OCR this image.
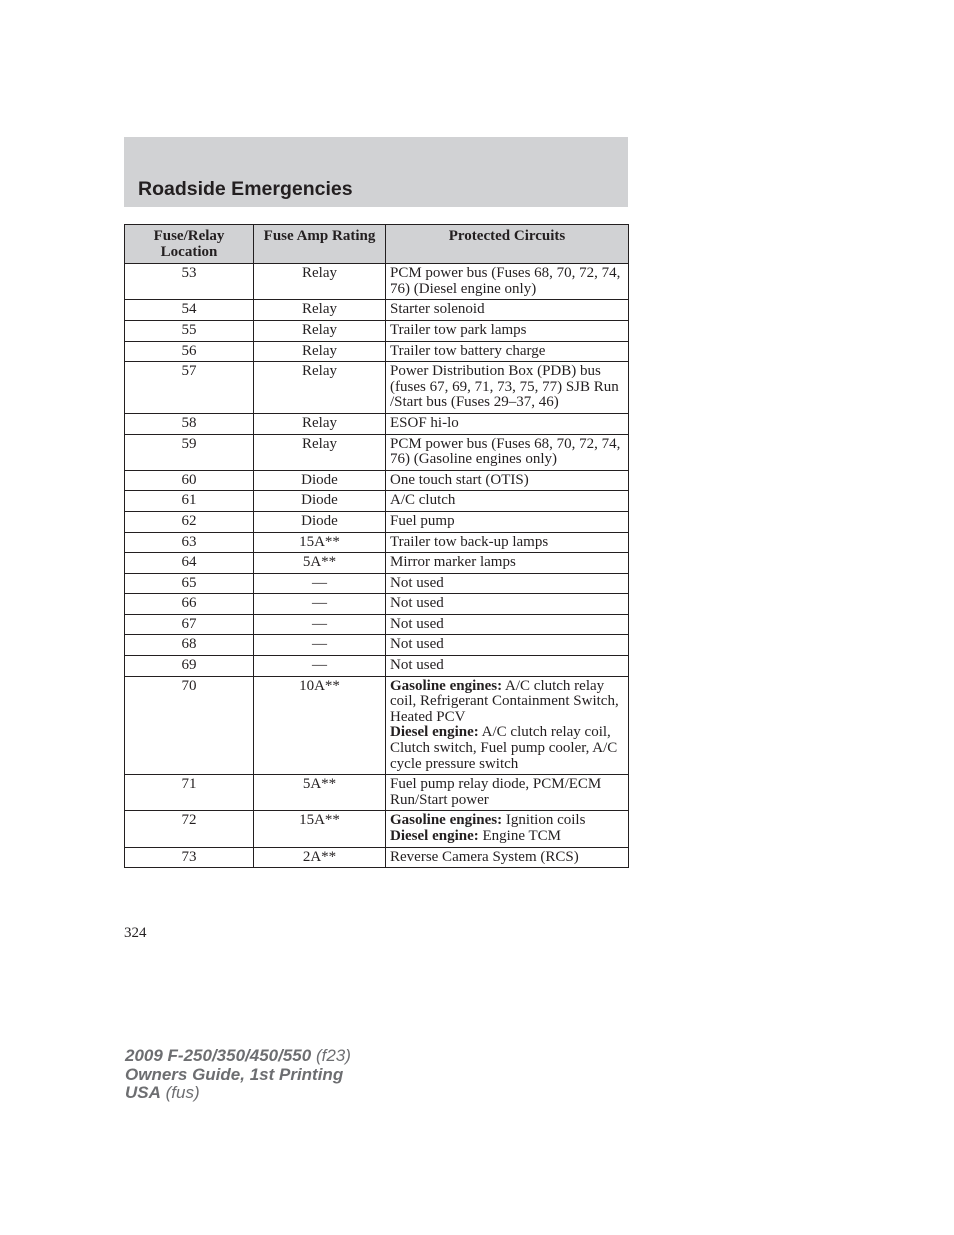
Roadside Emergencies
Fuse/Relay Location	Fuse Amp Rating	Protected Circuits
53	Relay	PCM power bus (Fuses 68, 70, 72, 74, 76) (Diesel engine only)

54	Relay	Starter solenoid

55	Relay	Trailer tow park lamps

56	Relay	Trailer tow battery charge

57	Relay	Power Distribution Box (PDB) bus (fuses 67, 69, 71, 73, 75, 77) SJB Run /Start bus (Fuses 29–37, 46)

58	Relay	ESOF hi-lo

59	Relay	PCM power bus (Fuses 68, 70, 72, 74, 76) (Gasoline engines only)

60	Diode	One touch start (OTIS)

61	Diode	A/C clutch

62	Diode	Fuel pump

63	15A**	Trailer tow back-up lamps

64	5A**	Mirror marker lamps

65	—	Not used

66	—	Not used

67	—	Not used

68	—	Not used

69	—	Not used

70	10A**	Gasoline engines: A/C clutch relay coil, Refrigerant Containment Switch, Heated PCV
Diesel engine: A/C clutch relay coil, Clutch switch, Fuel pump cooler, A/C cycle pressure switch

71	5A**	Fuel pump relay diode, PCM/ECM Run/Start power

72	15A**	Gasoline engines: Ignition coils
Diesel engine: Engine TCM

73	2A**	Reverse Camera System (RCS)
324
2009 F-250/350/450/550 (f23)
Owners Guide, 1st Printing
USA (fus)
